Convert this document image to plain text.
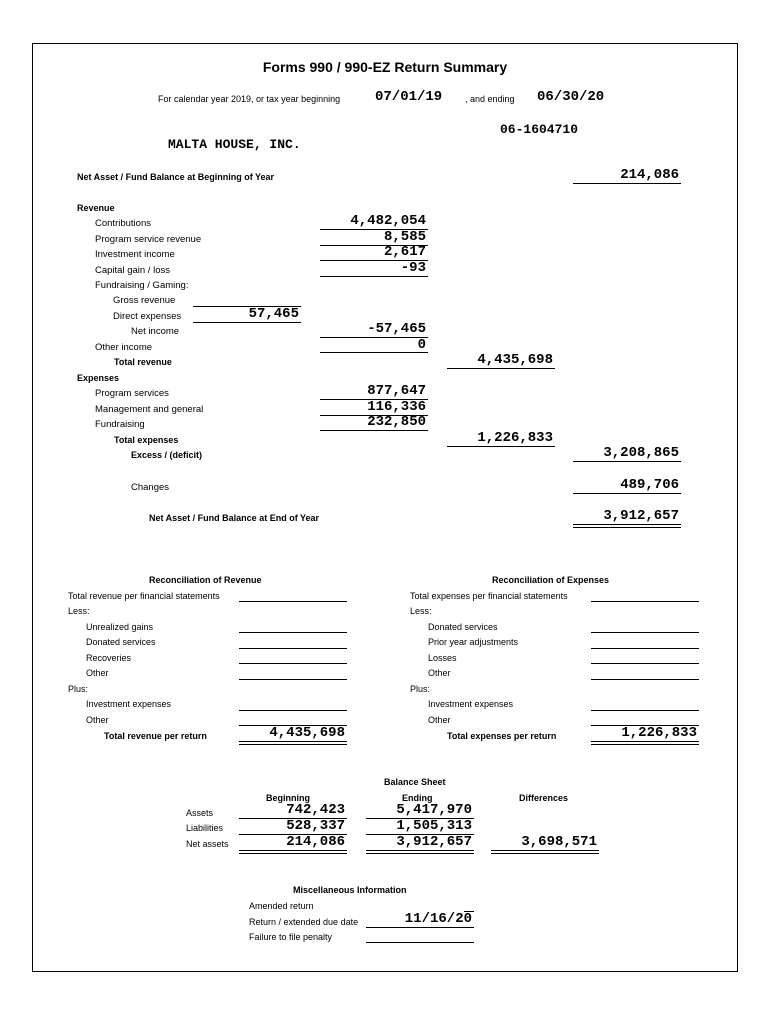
Forms 990 / 990-EZ Return Summary
For calendar year 2019, or tax year beginning 07/01/19	, and ending 06/30/20
06-1604710
MALTA HOUSE, INC.
Net Asset / Fund Balance at Beginning of Year	214,086
Revenue
Contributions	4,482,054
Program service revenue	8,585
Investment income	2,617
Capital gain / loss	-93
Fundraising / Gaming:
Gross revenue
Direct expenses	57,465
Net income	-57,465
Other income	0
Total revenue	4,435,698
Expenses
Program services	877,647
Management and general	116,336
Fundraising	232,850
Total expenses	1,226,833
Excess / (deficit)	3,208,865
Changes	489,706
Net Asset / Fund Balance at End of Year	3,912,657
Reconciliation of Revenue
Total revenue per financial statements
Less:
Unrealized gains
Donated services
Recoveries
Other
Plus:
Investment expenses
Other
Total revenue per return	4,435,698
Reconciliation of Expenses
Total expenses per financial statements
Less:
Donated services
Prior year adjustments
Losses
Other
Plus:
Investment expenses
Other
Total expenses per return	1,226,833
Balance Sheet
Beginning	Ending	Differences
Assets	742,423	5,417,970
Liabilities	528,337	1,505,313
Net assets	214,086	3,912,657	3,698,571
Miscellaneous Information
Amended return
Return / extended due date	11/16/20
Failure to file penalty
